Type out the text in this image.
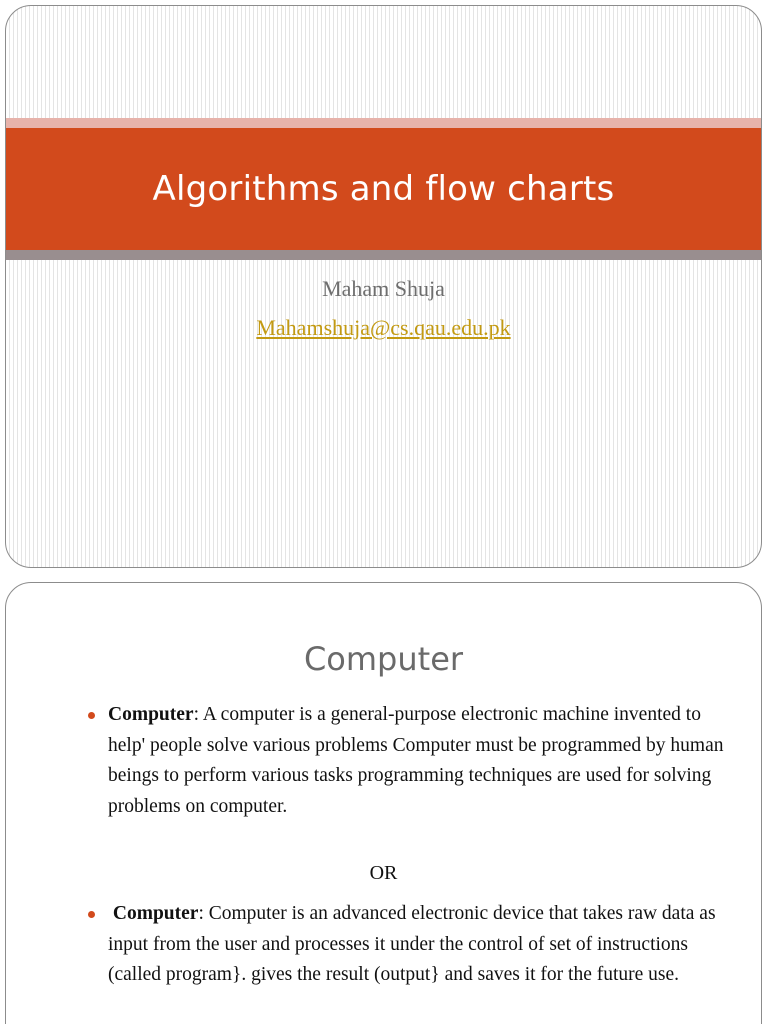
Algorithms and flow charts
Maham Shuja
Mahamshuja@cs.qau.edu.pk
Computer
Computer: A computer is a general-purpose electronic machine invented to help' people solve various problems Computer must be programmed by human beings to perform various tasks programming techniques are used for solving problems on computer.
OR
Computer: Computer is an advanced electronic device that takes raw data as input from the user and processes it under the control of set of instructions (called program}. gives the result (output} and saves it for the future use.
